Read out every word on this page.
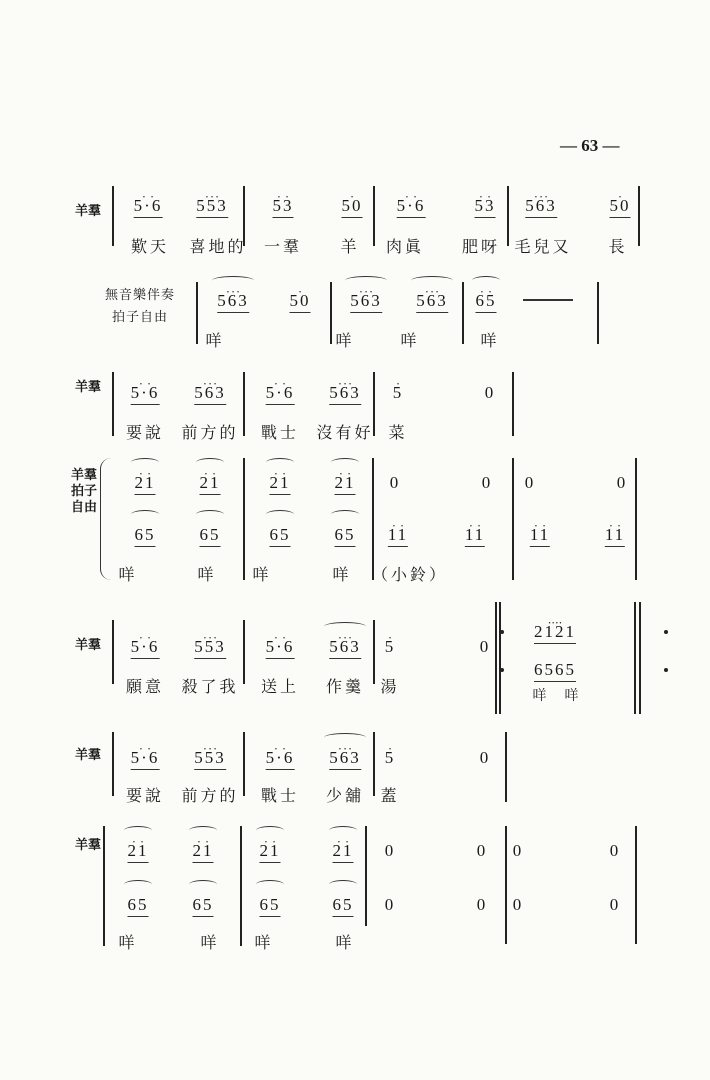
— 63 —
羊羣 •    • 5·6 •  •  • 553	•    • 53	• 50 •    • 5·6	•    • 53 •  •  • 563	• 50
歎天 喜地的 一羣 羊 肉眞 肥呀 毛兒又 長
無音樂伴奏
拍子自由
•  •  • 563 • 50 •  •  • 563 •  •  • 563 •    • 65
咩	咩	咩	咩
羊羣 •    • 5·6 •  •  • 563 •    • 5·6 •  •  • 563 • 5	0
要說 前方的 戰士 沒有好 菜
羊羣
拍子
自由
•    • 21	•    • 21	•    • 21	•    • 21 0	0 0	0
65	65	65	65 •    • 11	•    • 11	•    • 11	•    • 11
咩	咩 咩	咩 （小鈴）
羊羣 •    • 5·6 •  •  • 553 •    • 5·6 •  •  • 563 • 5	0
願意 殺了我 送上 作羹 湯
• • • • 2121
6565
咩 咩
羊羣 •    • 5·6 •  •  • 553 •    • 5·6 •  •  • 563 • 5	0
要說 前方的 戰士 少舖 蓋
羊羣 •    • 21	•    • 21	•    • 21	•    • 21 0	0 0	0
65	65	65	65 0	0 0	0
咩	咩 咩	咩
